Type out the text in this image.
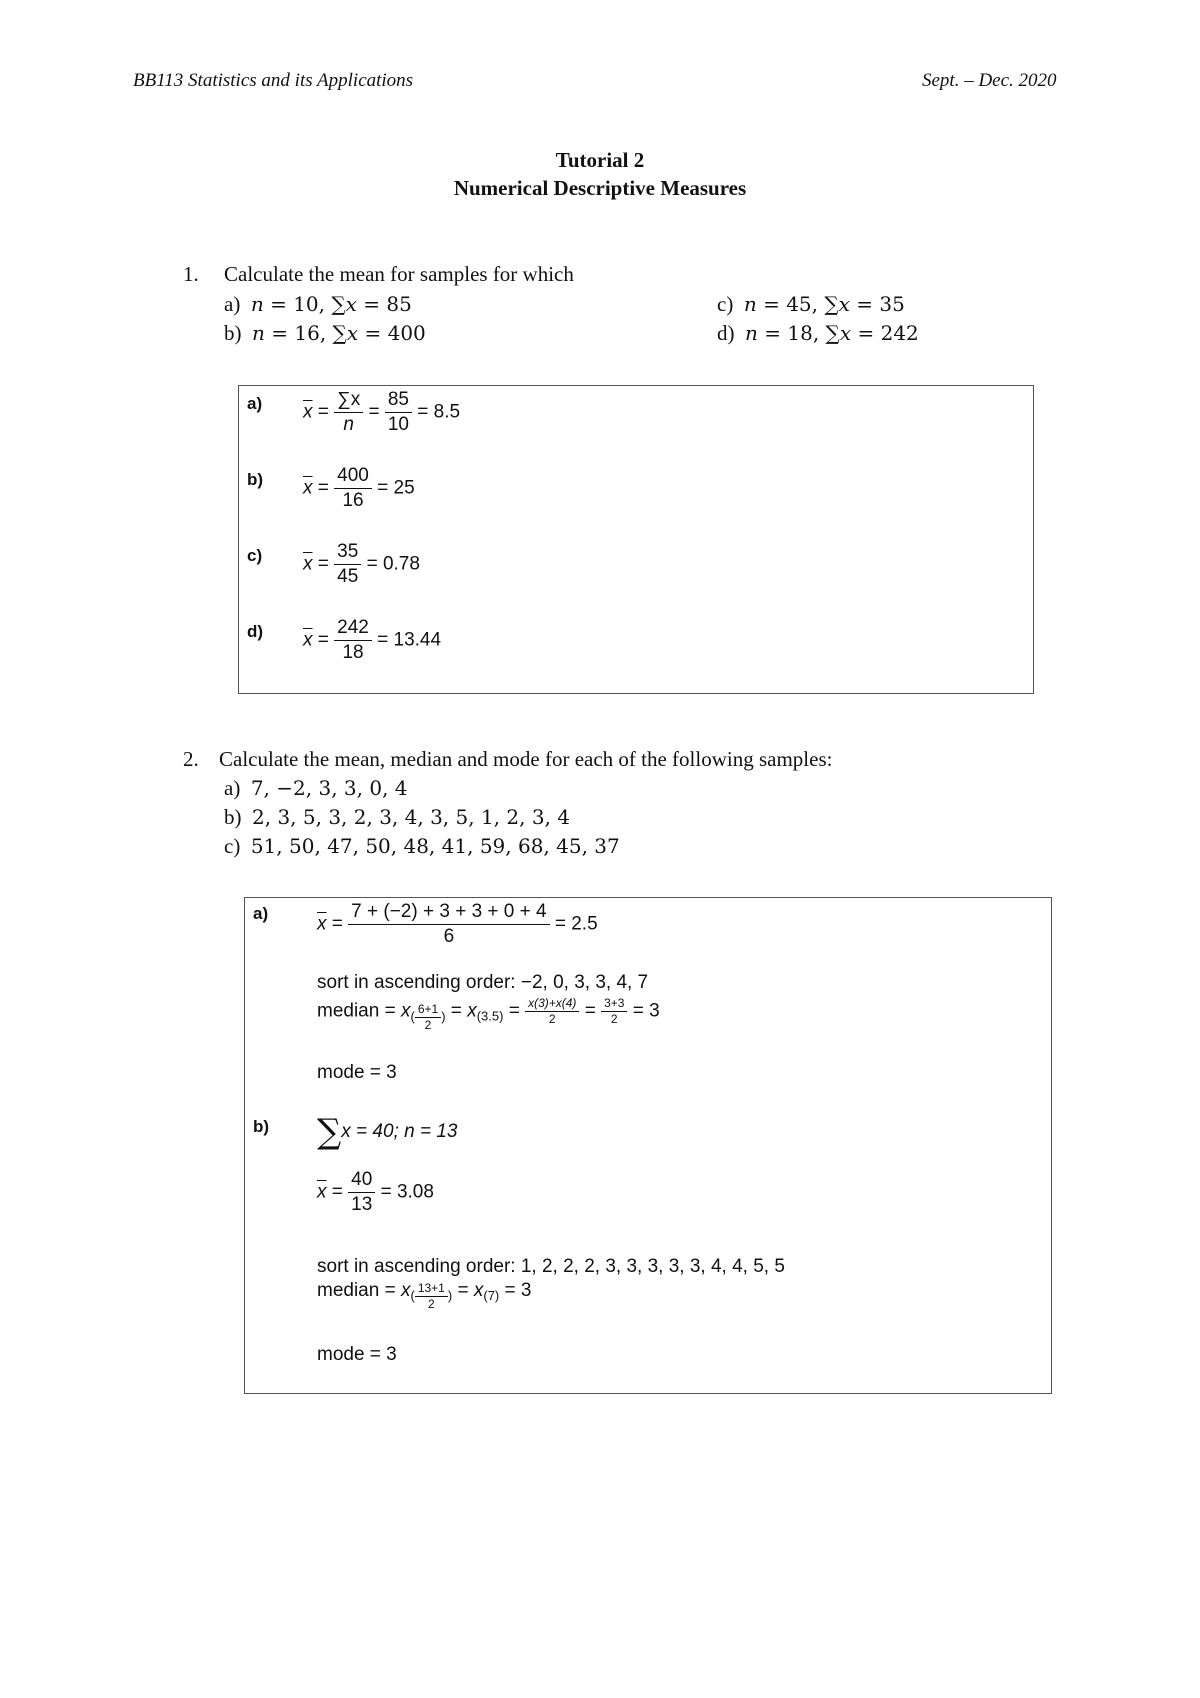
BB113 Statistics and its Applications	Sept. – Dec. 2020
Tutorial 2
Numerical Descriptive Measures
1. Calculate the mean for samples for which
a) n = 10, ∑x = 85
b) n = 16, ∑x = 400
c) n = 45, ∑x = 35
d) n = 18, ∑x = 242
a) $\overline{x} = \frac{\sum x}{n} = \frac{85}{10} = 8.5$
b) $\overline{x} = \frac{400}{16} = 25$
c) $\overline{x} = \frac{35}{45} = 0.78$
d) $\overline{x} = \frac{242}{18} = 13.44$
2. Calculate the mean, median and mode for each of the following samples:
a) 7, −2, 3, 3, 0, 4
b) 2, 3, 5, 3, 2, 3, 4, 3, 5, 1, 2, 3, 4
c) 51, 50, 47, 50, 48, 41, 59, 68, 45, 37
a)	$\overline{x} = \frac{7 + (-2) + 3 + 3 + 0 + 4}{6} = 2.5$
sort in ascending order: −2, 0, 3, 3, 4, 7
median = $x_{( \frac{6+1}{2} )} = x_{(3.5)} = \frac{x(3)+x(4)}{2} = \frac{3+3}{2} = 3$
mode = 3
b) ∑x = 40; n = 13
$\overline{x} = \frac{40}{13} = 3.08$
sort in ascending order: 1, 2, 2, 2, 3, 3, 3, 3, 3, 4, 4, 5, 5
median = $x_{( \frac{13+1}{2} )} = x_{(7)} = 3$
mode = 3
